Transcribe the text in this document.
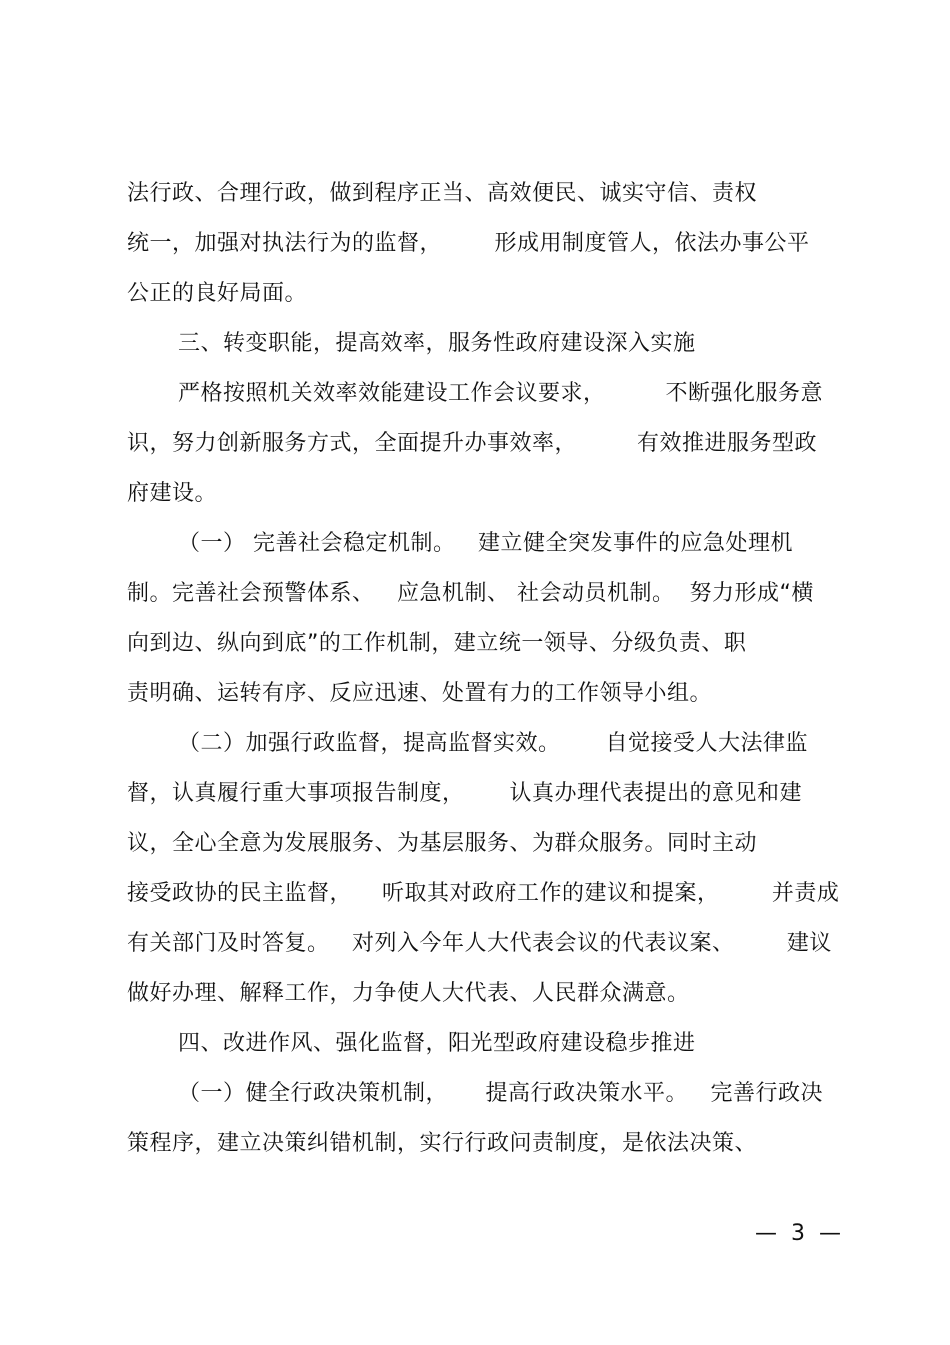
法行政、合理行政，做到程序正当、高效便民、诚实守信、责权
统一，加强对执法行为的监督，       形成用制度管人，依法办事公平
公正的良好局面。
三、转变职能，提高效率，服务性政府建设深入实施
严格按照机关效率效能建设工作会议要求，        不断强化服务意
识，努力创新服务方式，全面提升办事效率，        有效推进服务型政
府建设。
（一） 完善社会稳定机制。   建立健全突发事件的应急处理机
制。完善社会预警体系、   应急机制、 社会动员机制。  努力形成“横
向到边、纵向到底”的工作机制，建立统一领导、分级负责、职
责明确、运转有序、反应迅速、处置有力的工作领导小组。
（二）加强行政监督，提高监督实效。      自觉接受人大法律监
督，认真履行重大事项报告制度，      认真办理代表提出的意见和建
议，全心全意为发展服务、为基层服务、为群众服务。同时主动
接受政协的民主监督，    听取其对政府工作的建议和提案，       并责成
有关部门及时答复。   对列入今年人大代表会议的代表议案、       建议
做好办理、解释工作，力争使人大代表、人民群众满意。
四、改进作风、强化监督，阳光型政府建设稳步推进
（一）健全行政决策机制，     提高行政决策水平。   完善行政决
策程序，建立决策纠错机制，实行行政问责制度，是依法决策、
—  3  —
